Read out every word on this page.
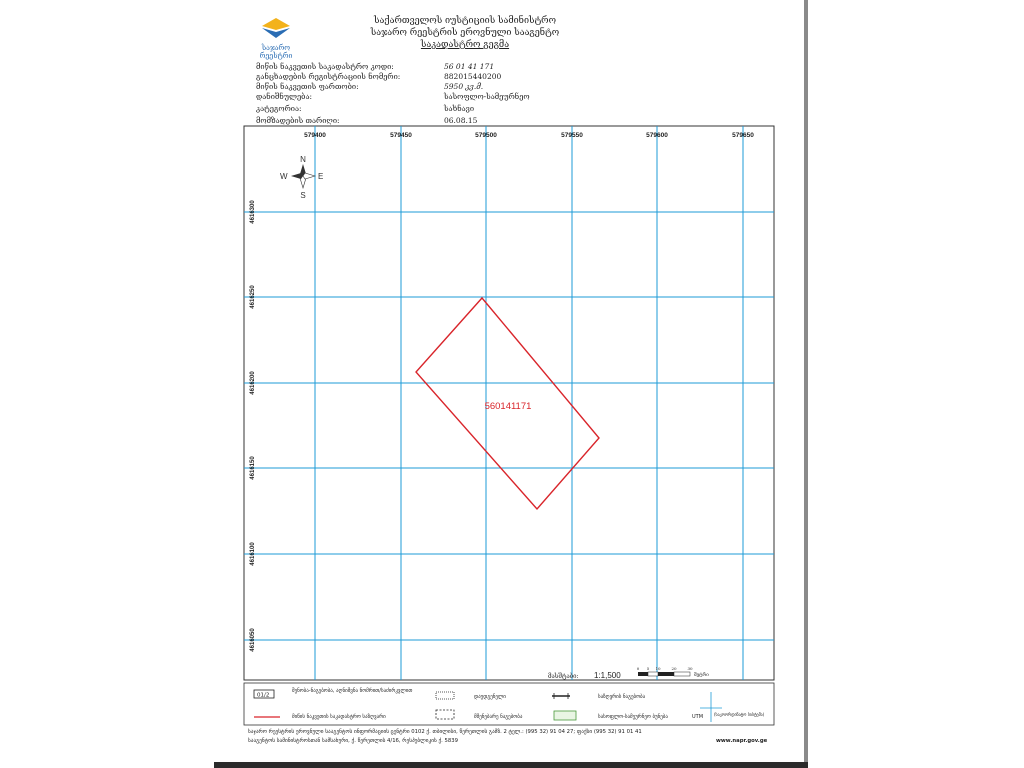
საჯარო
რეესტრი
საქართველოს იუსტიციის სამინისტრო
საჯარო რეესტრის ეროვნული სააგენტო
საკადასტრო გეგმა
მიწის ნაკვეთის საკადასტრო კოდი:	56 01 41 171
განცხადების რეგისტრაციის ნომერი:	882015440200
მიწის ნაკვეთის ფართობი:	5950 კვ.მ.
დანიშნულება:	სასოფლო-სამეურნეო
კატეგორია:	სახნავი
მომზადების თარიღი:	06.08.15
579400	579450	579500	579550	579600	579650
4616300
4616250
4616200
4616150
4616100
4616050
N
S
E
W
560141171
მასშტაბი: 1:1,500
0 5 10	20	30
მეტრი
01/2
შენობა-ნაგებობა, აღნიშვნა ნომრით/საძირკვლით
დაუდგენელი	საზღვრის ნაგებობა
მიწის ნაკვეთის საკადასტრო საზღვარი	მშენებარე ნაგებობა	სასოფლო-სამეურნეო ბუნება	UTM	(საკოორდინატო სისტემა)
საჯარო რეესტრის ეროვნული სააგენტოს ინფორმაციის ცენტრი 0102 ქ. თბილისი, წერეთლის გამზ. 2 ტელ.: (995 32) 91 04 27; ფაქსი (995 32) 91 01 41
სააგენტოს სამინისტროსთან სამსახური, ქ. წერეთლის 4/16, რესპუბლიკის ქ. 5839	www.napr.gov.ge
